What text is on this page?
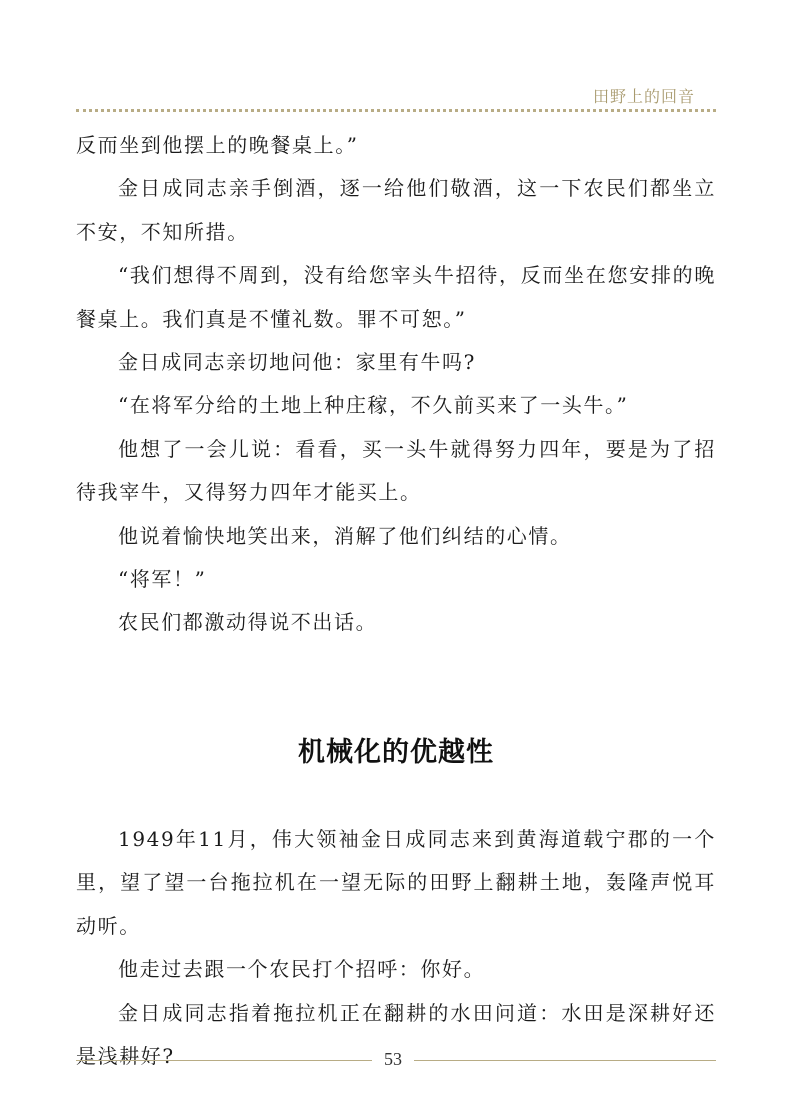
田野上的回音

反而坐到他摆上的晚餐桌上。”

金日成同志亲手倒酒，逐一给他们敬酒，这一下农民们都坐立不安，不知所措。

“我们想得不周到，没有给您宰头牛招待，反而坐在您安排的晚餐桌上。我们真是不懂礼数。罪不可恕。”

金日成同志亲切地问他：家里有牛吗?

“在将军分给的土地上种庄稼，不久前买来了一头牛。”

他想了一会儿说：看看，买一头牛就得努力四年，要是为了招待我宰牛，又得努力四年才能买上。

他说着愉快地笑出来，消解了他们纠结的心情。

“将军！”

农民们都激动得说不出话。

机械化的优越性

1949年11月，伟大领袖金日成同志来到黄海道载宁郡的一个里，望了望一台拖拉机在一望无际的田野上翻耕土地，轰隆声悦耳动听。

他走过去跟一个农民打个招呼：你好。

金日成同志指着拖拉机正在翻耕的水田问道：水田是深耕好还是浅耕好?	53
